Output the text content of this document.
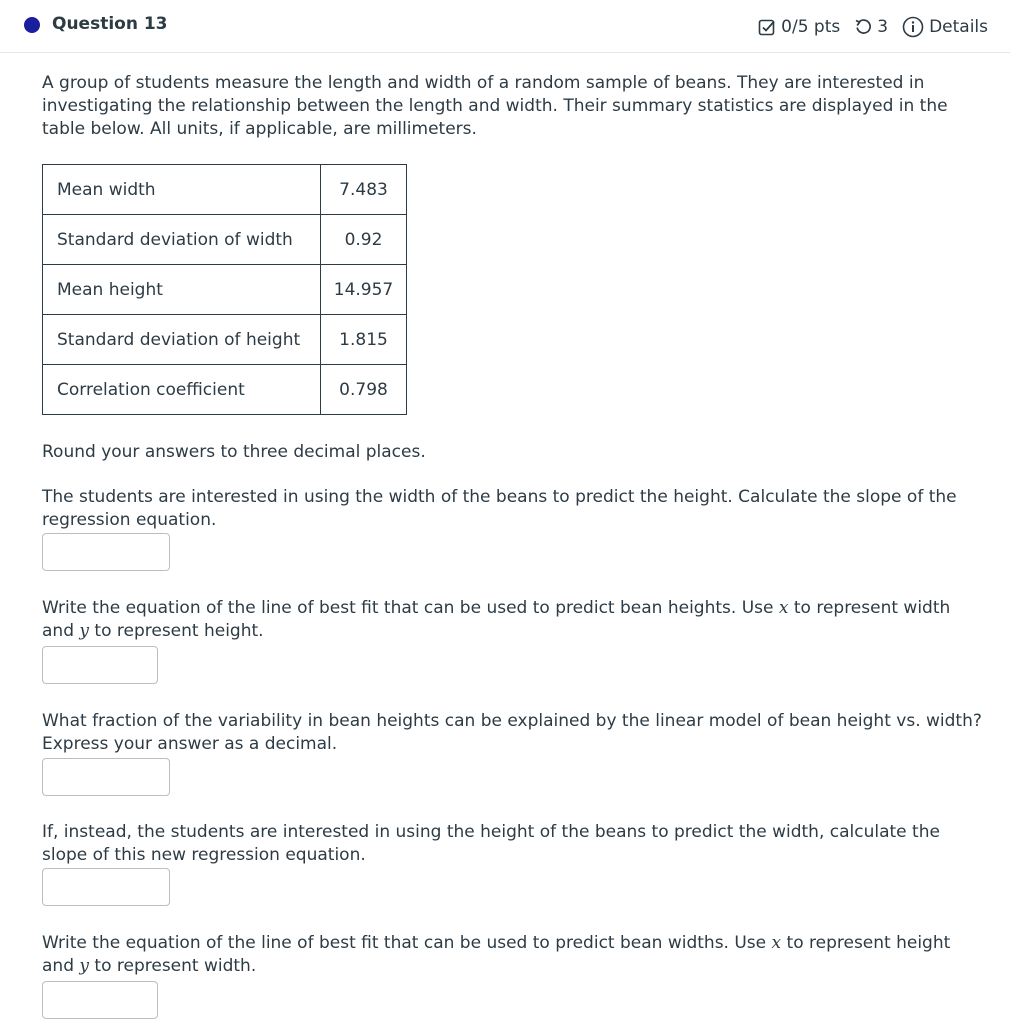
Question 13	0/5 pts 3 Details

A group of students measure the length and width of a random sample of beans. They are interested in investigating the relationship between the length and width. Their summary statistics are displayed in the table below. All units, if applicable, are millimeters.

Mean width	7.483
Standard deviation of width	0.92
Mean height	14.957
Standard deviation of height	1.815
Correlation coefficient	0.798
Round your answers to three decimal places.
The students are interested in using the width of the beans to predict the height. Calculate the slope of the regression equation.
Write the equation of the line of best fit that can be used to predict bean heights. Use x to represent width and y to represent height.
What fraction of the variability in bean heights can be explained by the linear model of bean height vs. width? Express your answer as a decimal.
If, instead, the students are interested in using the height of the beans to predict the width, calculate the slope of this new regression equation.
Write the equation of the line of best fit that can be used to predict bean widths. Use x to represent height and y to represent width.
